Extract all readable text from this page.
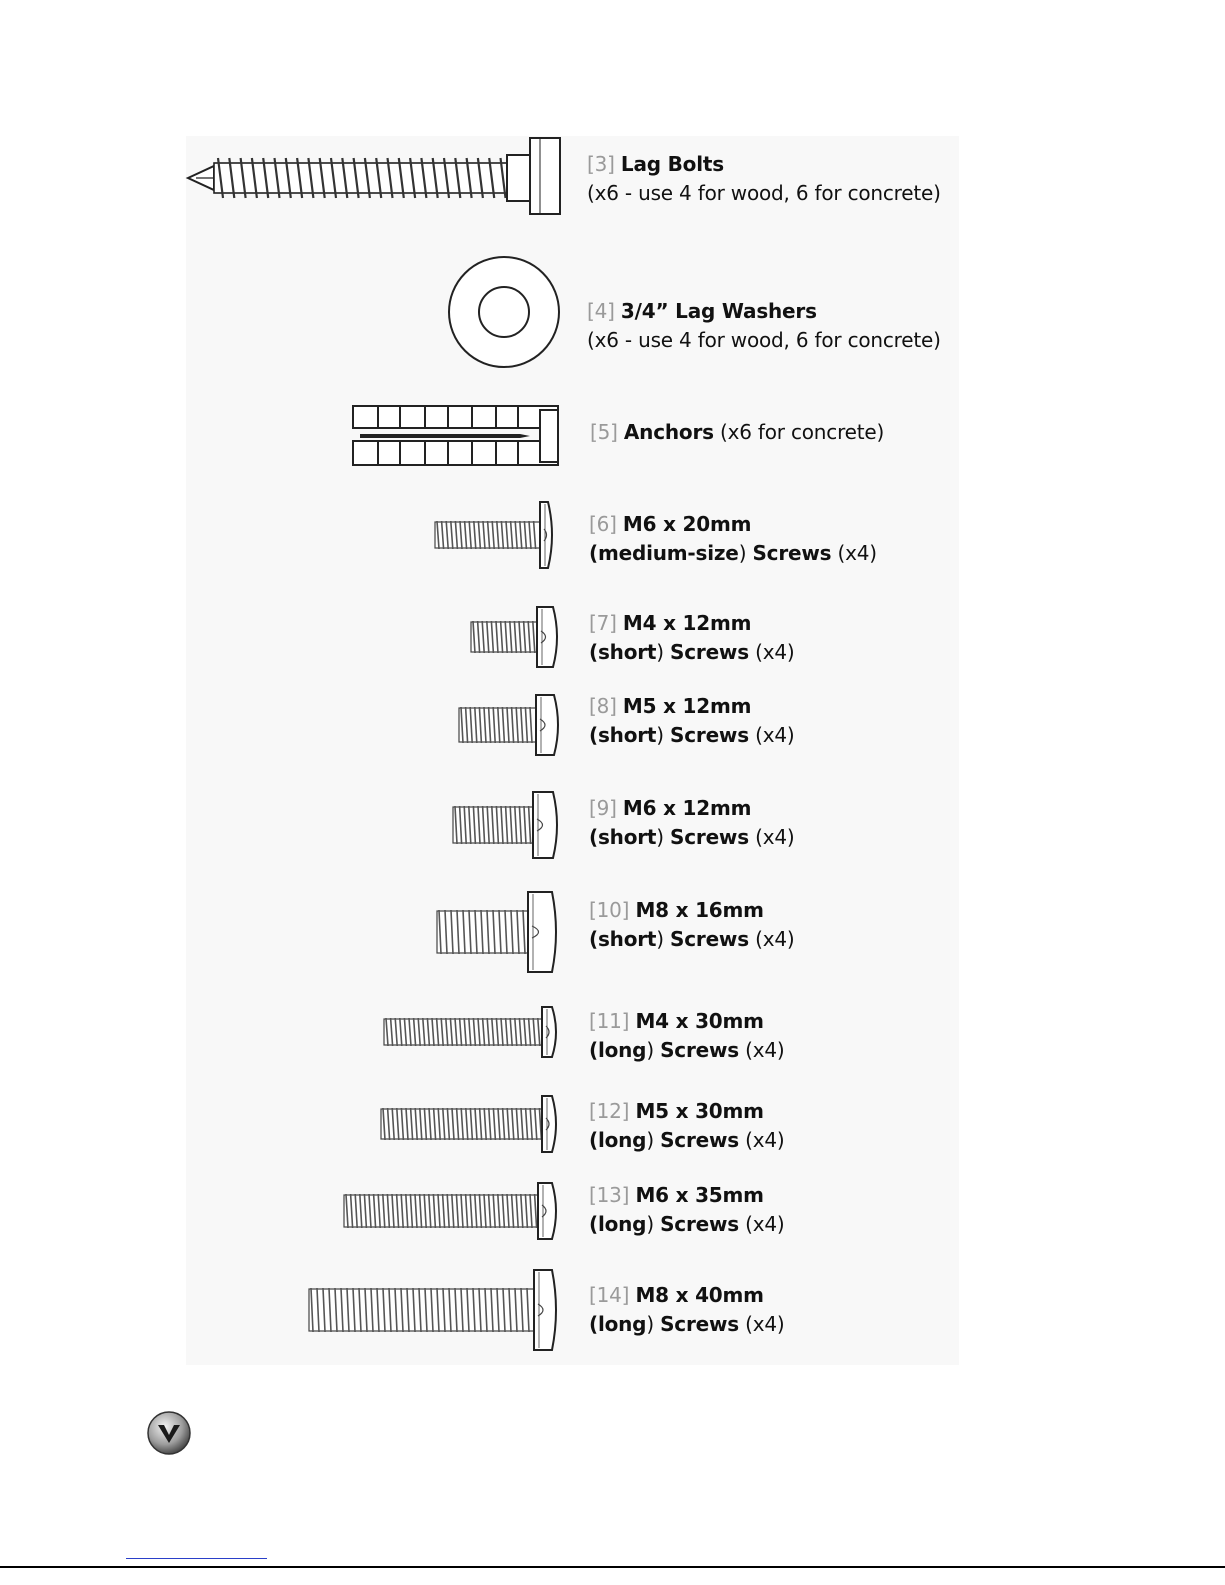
[3] Lag Bolts
(x6 - use 4 for wood, 6 for concrete)
[4] 3/4” Lag Washers
(x6 - use 4 for wood, 6 for concrete)
[5] Anchors (x6 for concrete)
[6] M6 x 20mm
(medium-size) Screws (x4)
[7] M4 x 12mm
(short) Screws (x4)
[8] M5 x 12mm
(short) Screws (x4)
[9] M6 x 12mm
(short) Screws (x4)
[10] M8 x 16mm
(short) Screws (x4)
[11] M4 x 30mm
(long) Screws (x4)
[12] M5 x 30mm
(long) Screws (x4)
[13] M6 x 35mm
(long) Screws (x4)
[14] M8 x 40mm
(long) Screws (x4)
